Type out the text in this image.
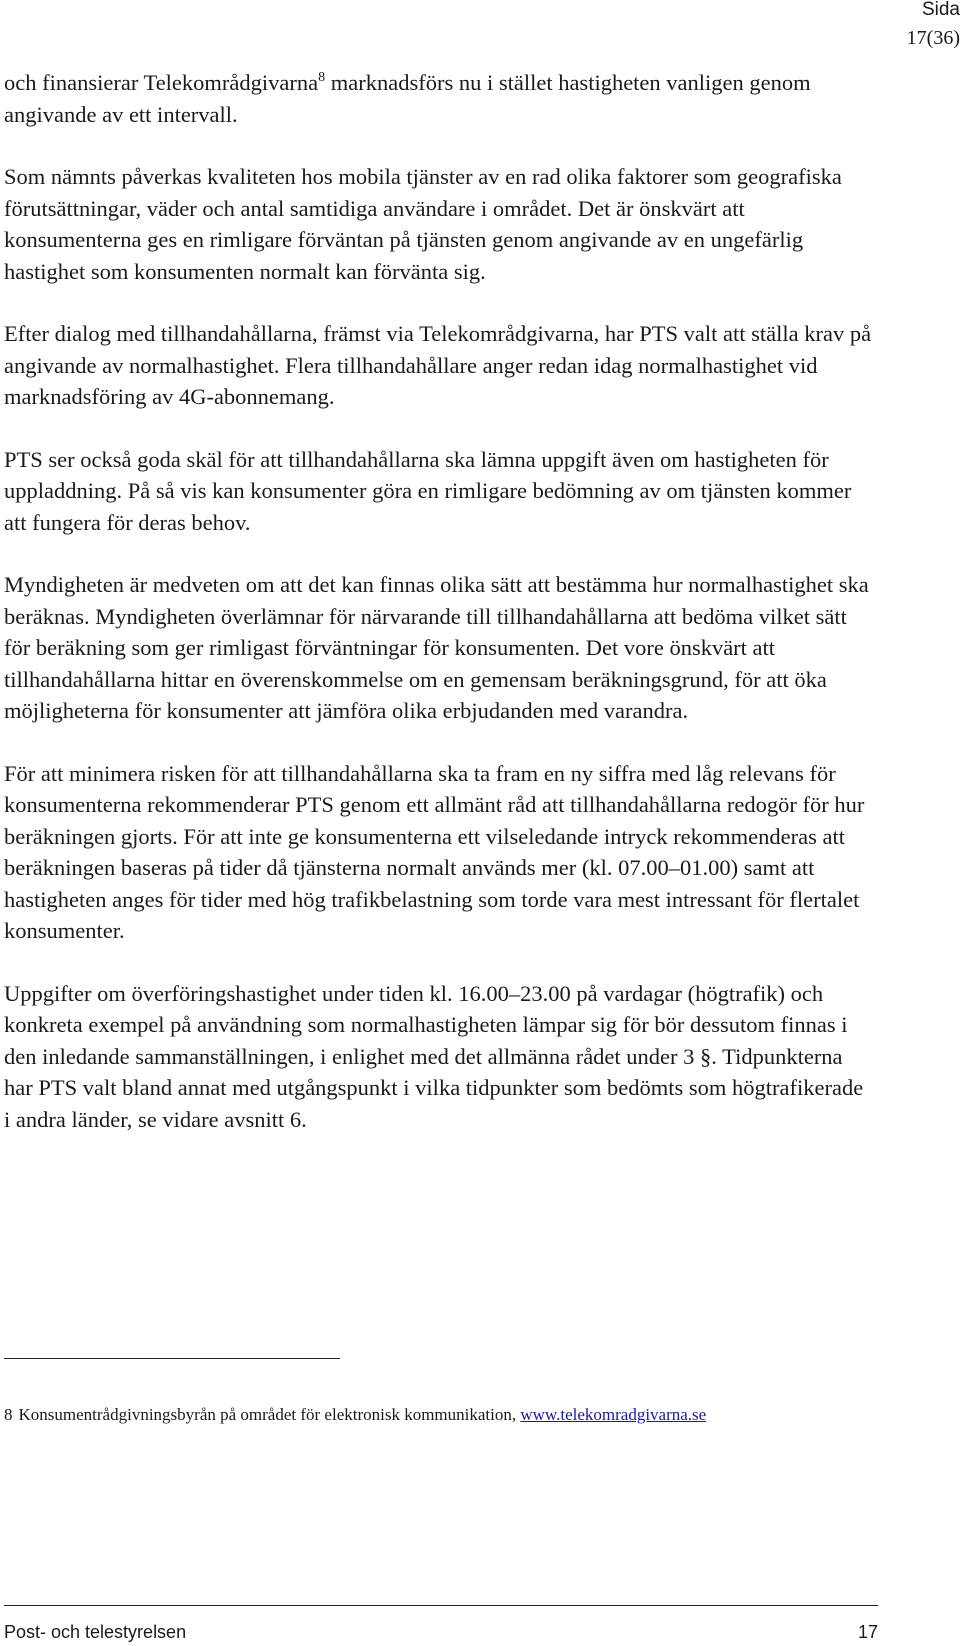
Sida
17(36)

och finansierar Telekområdgivarna$^8$ marknadsförs nu i stället hastigheten vanligen genom angivande av ett intervall.

Som nämnts påverkas kvaliteten hos mobila tjänster av en rad olika faktorer som geografiska förutsättningar, väder och antal samtidiga användare i området. Det är önskvärt att konsumenterna ges en rimligare förväntan på tjänsten genom angivande av en ungefärlig hastighet som konsumenten normalt kan förvänta sig.

Efter dialog med tillhandahållarna, främst via Telekområdgivarna, har PTS valt att ställa krav på angivande av normalhastighet. Flera tillhandahållare anger redan idag normalhastighet vid marknadsföring av 4G-abonnemang.

PTS ser också goda skäl för att tillhandahållarna ska lämna uppgift även om hastigheten för uppladdning. På så vis kan konsumenter göra en rimligare bedömning av om tjänsten kommer att fungera för deras behov.

Myndigheten är medveten om att det kan finnas olika sätt att bestämma hur normalhastighet ska beräknas. Myndigheten överlämnar för närvarande till tillhandahållarna att bedöma vilket sätt för beräkning som ger rimligast förväntningar för konsumenten. Det vore önskvärt att tillhandahållarna hittar en överenskommelse om en gemensam beräkningsgrund, för att öka möjligheterna för konsumenter att jämföra olika erbjudanden med varandra.

För att minimera risken för att tillhandahållarna ska ta fram en ny siffra med låg relevans för konsumenterna rekommenderar PTS genom ett allmänt råd att tillhandahållarna redogör för hur beräkningen gjorts. För att inte ge konsumenterna ett vilseledande intryck rekommenderas att beräkningen baseras på tider då tjänsterna normalt används mer (kl. 07.00–01.00) samt att hastigheten anges för tider med hög trafikbelastning som torde vara mest intressant för flertalet konsumenter.

Uppgifter om överföringshastighet under tiden kl. 16.00–23.00 på vardagar (högtrafik) och konkreta exempel på användning som normalhastigheten lämpar sig för bör dessutom finnas i den inledande sammanställningen, i enlighet med det allmänna rådet under 3 §. Tidpunkterna har PTS valt bland annat med utgångspunkt i vilka tidpunkter som bedömts som högtrafikerade i andra länder, se vidare avsnitt 6.

8 Konsumentrådgivningsbyrån på området för elektronisk kommunikation, www.telekomradgivarna.se
Post- och telestyrelsen	17
